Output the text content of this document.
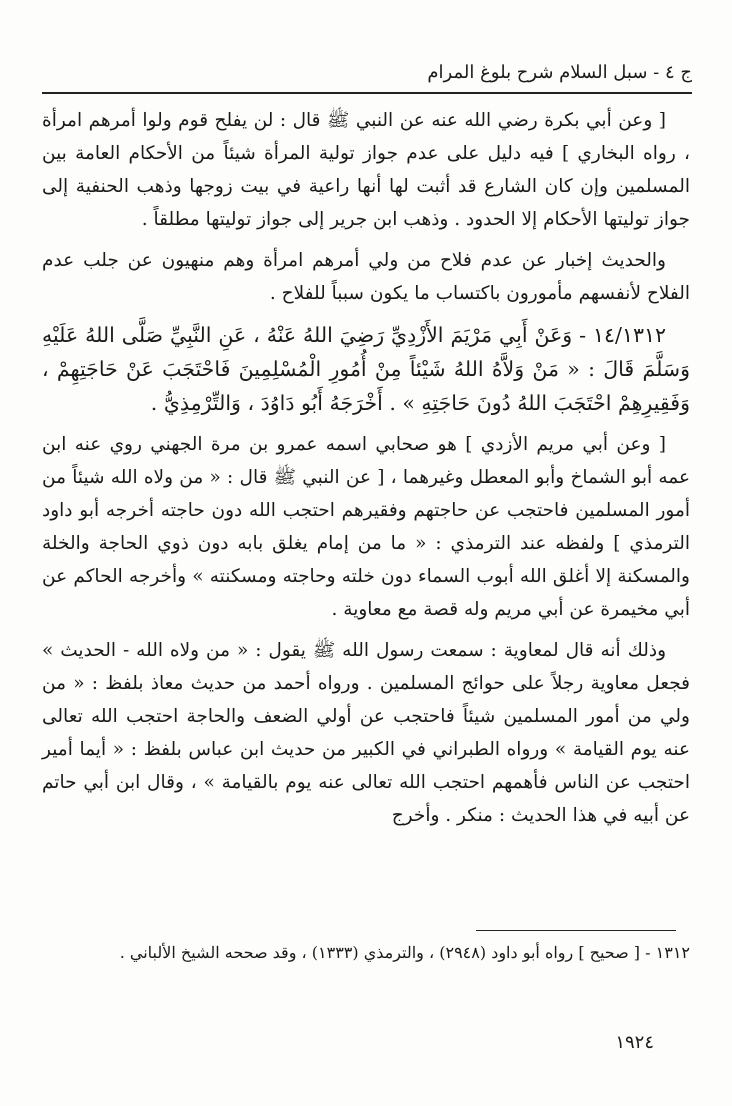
ج ٤ - سبل السلام شرح بلوغ المرام

[ وعن أبي بكرة رضي الله عنه عن النبي ﷺ قال : لن يفلح قوم ولوا أمرهم امرأة ، رواه البخاري ] فيه دليل على عدم جواز تولية المرأة شيئاً من الأحكام العامة بين المسلمين وإن كان الشارع قد أثبت لها أنها راعية في بيت زوجها وذهب الحنفية إلى جواز توليتها الأحكام إلا الحدود . وذهب ابن جرير إلى جواز توليتها مطلقاً .

والحديث إخبار عن عدم فلاح من ولي أمرهم امرأة وهم منهيون عن جلب عدم الفلاح لأنفسهم مأمورون باكتساب ما يكون سبباً للفلاح .

١٤/١٣١٢ - وَعَنْ أَبِي مَرْيَمَ الأَزْدِيِّ رَضِيَ اللهُ عَنْهُ ، عَنِ النَّبِيِّ صَلَّى اللهُ عَلَيْهِ وَسَلَّمَ قَالَ : « مَنْ وَلاَّهُ اللهُ شَيْئاً مِنْ أُمُورِ الْمُسْلِمِينَ فَاحْتَجَبَ عَنْ حَاجَتِهِمْ ، وَفَقِيرِهِمْ احْتَجَبَ اللهُ دُونَ حَاجَتِهِ » . أَخْرَجَهُ أَبُو دَاوُدَ ، وَالتِّرْمِذِيُّ .

[ وعن أبي مريم الأزدي ] هو صحابي اسمه عمرو بن مرة الجهني روي عنه ابن عمه أبو الشماخ وأبو المعطل وغيرهما ، [ عن النبي ﷺ قال : « من ولاه الله شيئاً من أمور المسلمين فاحتجب عن حاجتهم وفقيرهم احتجب الله دون حاجته أخرجه أبو داود الترمذي ] ولفظه عند الترمذي : « ما من إمام يغلق بابه دون ذوي الحاجة والخلة والمسكنة إلا أغلق الله أبوب السماء دون خلته وحاجته ومسكنته » وأخرجه الحاكم عن أبي مخيمرة عن أبي مريم وله قصة مع معاوية .

وذلك أنه قال لمعاوية : سمعت رسول الله ﷺ يقول : « من ولاه الله - الحديث » فجعل معاوية رجلاً على حوائج المسلمين . ورواه أحمد من حديث معاذ بلفظ : « من ولي من أمور المسلمين شيئاً فاحتجب عن أولي الضعف والحاجة احتجب الله تعالى عنه يوم القيامة » ورواه الطبراني في الكبير من حديث ابن عباس بلفظ : « أيما أمير احتجب عن الناس فأهمهم احتجب الله تعالى عنه يوم بالقيامة » ، وقال ابن أبي حاتم عن أبيه في هذا الحديث : منكر . وأخرج

١٣١٢ - [ صحيح ] رواه أبو داود (٢٩٤٨) ، والترمذي (١٣٣٣) ، وقد صححه الشيخ الألباني .

١٩٢٤
